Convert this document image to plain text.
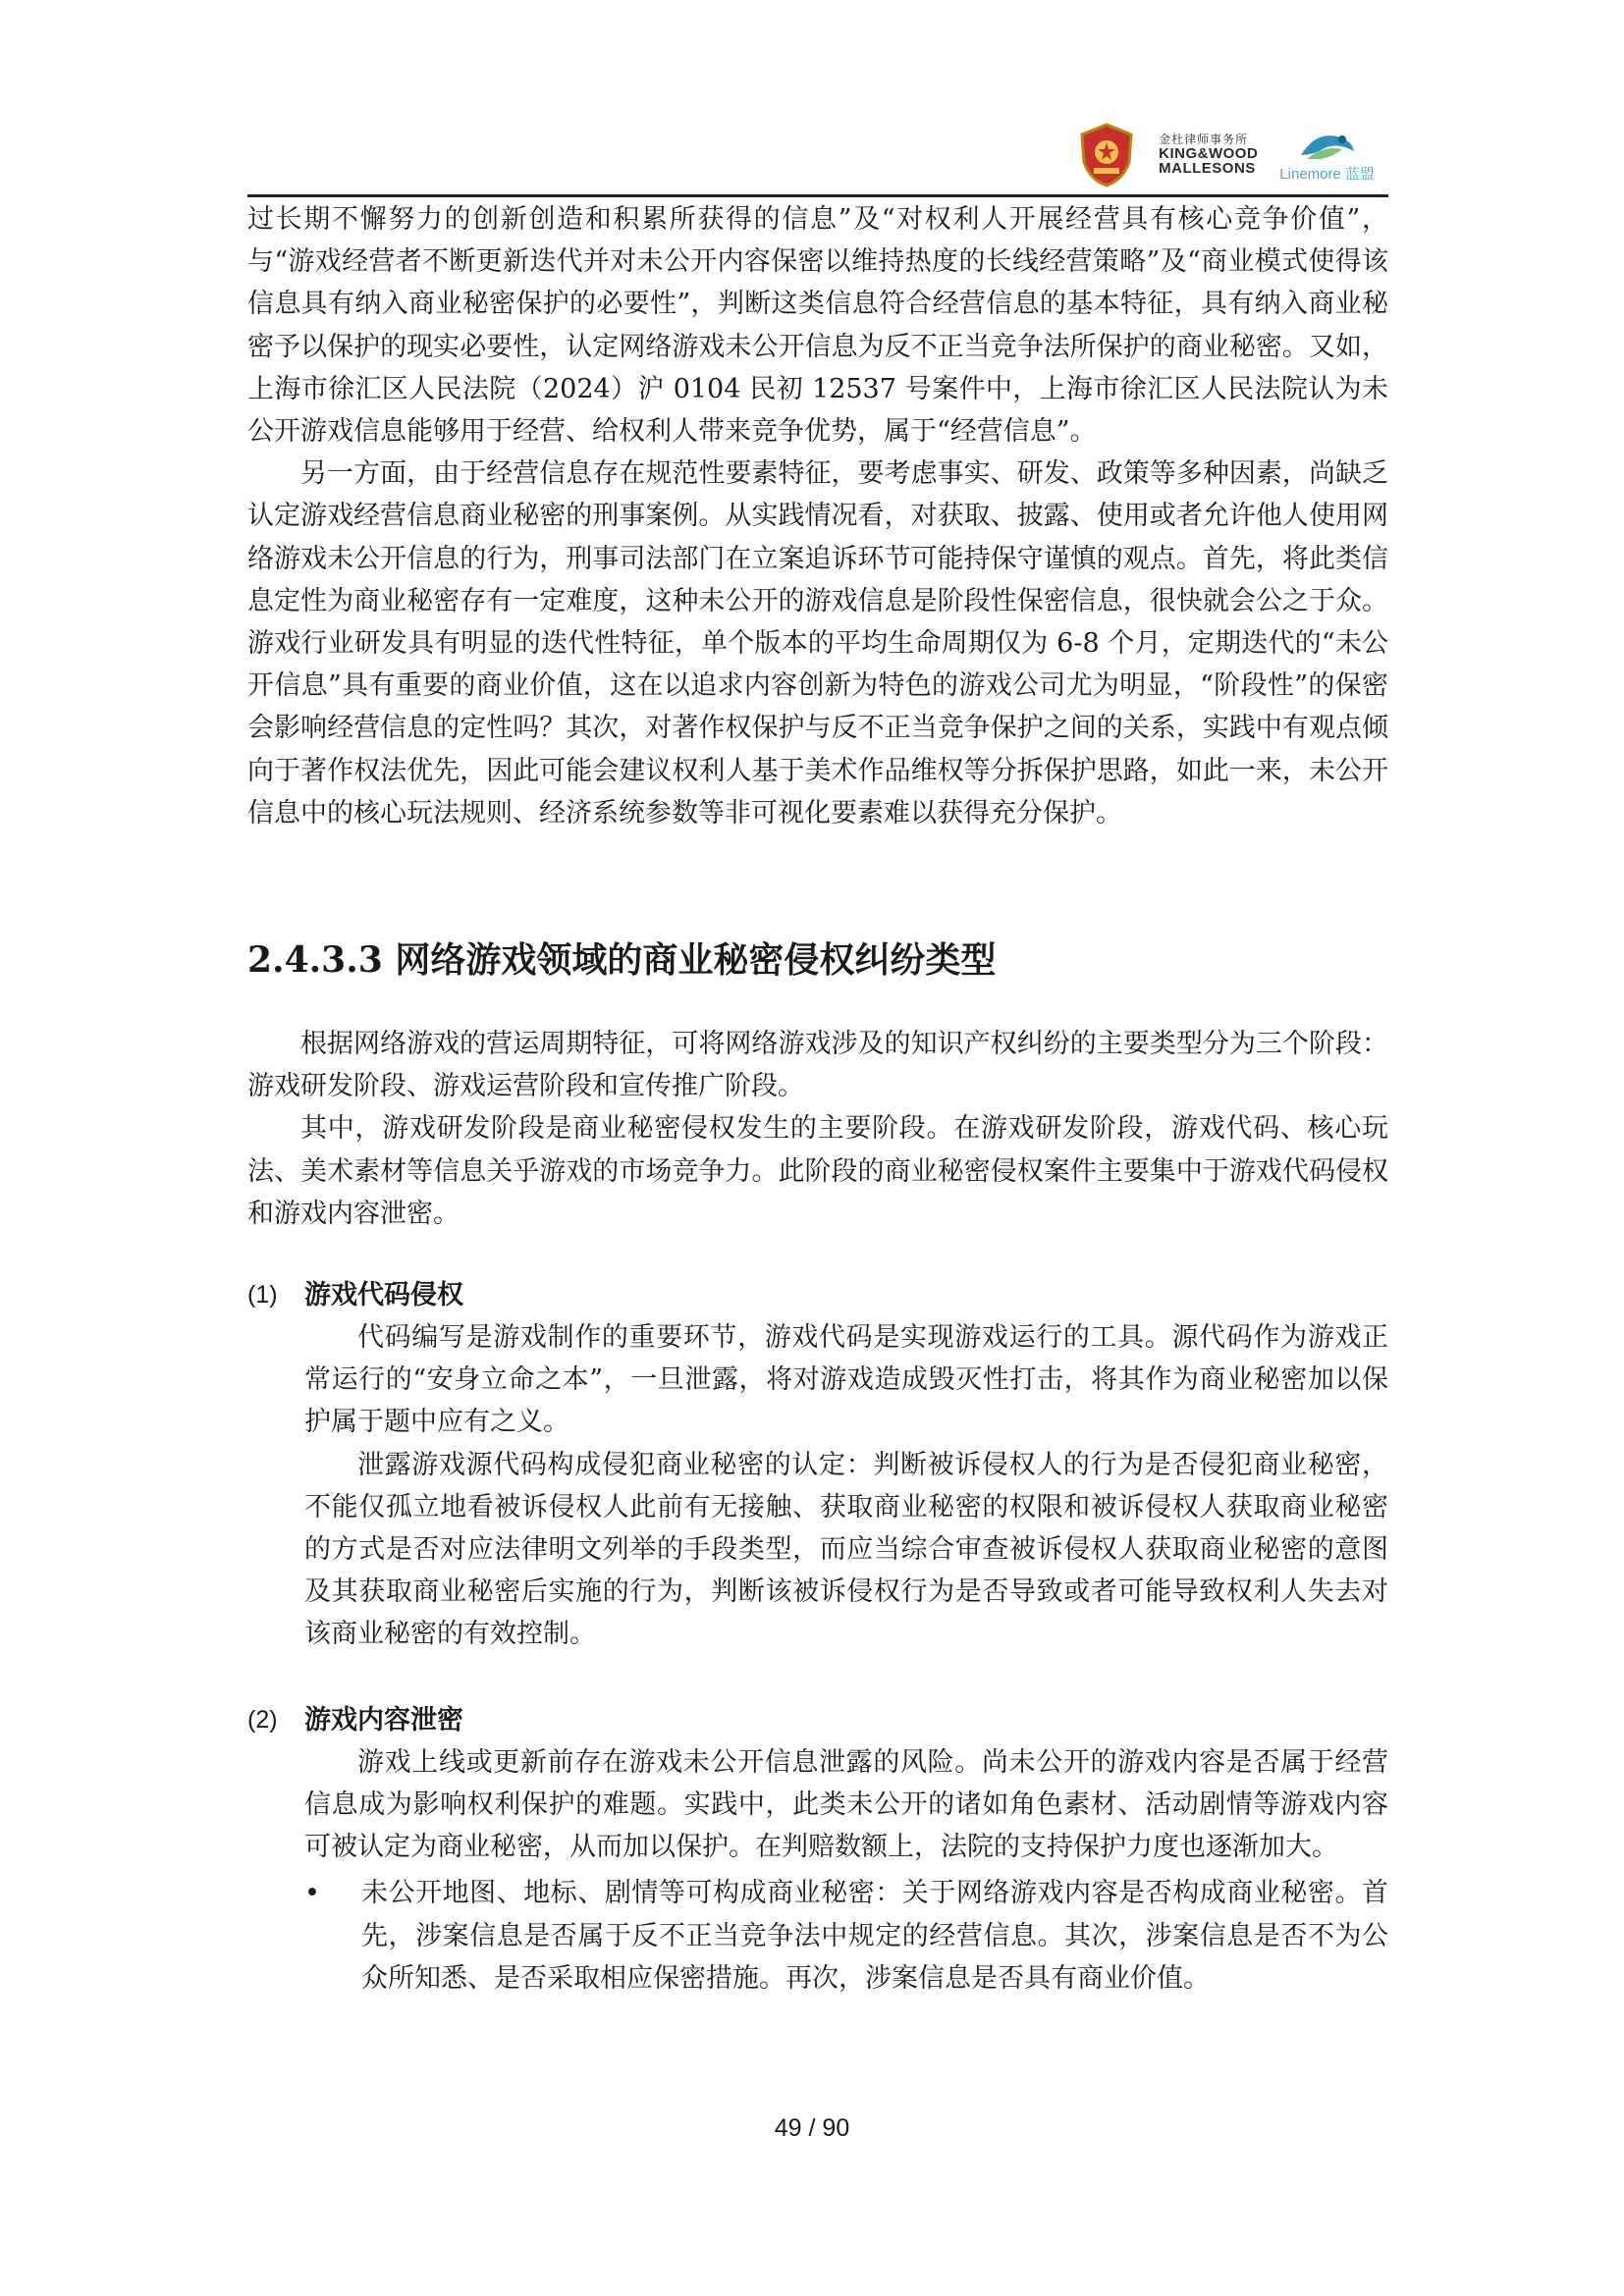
金杜律师事务所
KING&WOOD
MALLESONS Linemore 蓝盟

过长期不懈努力的创新创造和积累所获得的信息”及“对权利人开展经营具有核心竞争价值”，与“游戏经营者不断更新迭代并对未公开内容保密以维持热度的长线经营策略”及“商业模式使得该信息具有纳入商业秘密保护的必要性”，判断这类信息符合经营信息的基本特征，具有纳入商业秘密予以保护的现实必要性，认定网络游戏未公开信息为反不正当竞争法所保护的商业秘密。又如，上海市徐汇区人民法院（2024）沪 0104 民初 12537 号案件中，上海市徐汇区人民法院认为未公开游戏信息能够用于经营、给权利人带来竞争优势，属于“经营信息”。

另一方面，由于经营信息存在规范性要素特征，要考虑事实、研发、政策等多种因素，尚缺乏认定游戏经营信息商业秘密的刑事案例。从实践情况看，对获取、披露、使用或者允许他人使用网络游戏未公开信息的行为，刑事司法部门在立案追诉环节可能持保守谨慎的观点。首先，将此类信息定性为商业秘密存有一定难度，这种未公开的游戏信息是阶段性保密信息，很快就会公之于众。游戏行业研发具有明显的迭代性特征，单个版本的平均生命周期仅为 6-8 个月，定期迭代的“未公开信息”具有重要的商业价值，这在以追求内容创新为特色的游戏公司尤为明显，“阶段性”的保密会影响经营信息的定性吗？其次，对著作权保护与反不正当竞争保护之间的关系，实践中有观点倾向于著作权法优先，因此可能会建议权利人基于美术作品维权等分拆保护思路，如此一来，未公开信息中的核心玩法规则、经济系统参数等非可视化要素难以获得充分保护。

2.4.3.3 网络游戏领域的商业秘密侵权纠纷类型

根据网络游戏的营运周期特征，可将网络游戏涉及的知识产权纠纷的主要类型分为三个阶段：游戏研发阶段、游戏运营阶段和宣传推广阶段。

其中，游戏研发阶段是商业秘密侵权发生的主要阶段。在游戏研发阶段，游戏代码、核心玩法、美术素材等信息关乎游戏的市场竞争力。此阶段的商业秘密侵权案件主要集中于游戏代码侵权和游戏内容泄密。

(1)	游戏代码侵权

代码编写是游戏制作的重要环节，游戏代码是实现游戏运行的工具。源代码作为游戏正常运行的“安身立命之本”，一旦泄露，将对游戏造成毁灭性打击，将其作为商业秘密加以保护属于题中应有之义。

泄露游戏源代码构成侵犯商业秘密的认定：判断被诉侵权人的行为是否侵犯商业秘密，不能仅孤立地看被诉侵权人此前有无接触、获取商业秘密的权限和被诉侵权人获取商业秘密的方式是否对应法律明文列举的手段类型，而应当综合审查被诉侵权人获取商业秘密的意图及其获取商业秘密后实施的行为，判断该被诉侵权行为是否导致或者可能导致权利人失去对该商业秘密的有效控制。

(2)	游戏内容泄密

游戏上线或更新前存在游戏未公开信息泄露的风险。尚未公开的游戏内容是否属于经营信息成为影响权利保护的难题。实践中，此类未公开的诸如角色素材、活动剧情等游戏内容可被认定为商业秘密，从而加以保护。在判赔数额上，法院的支持保护力度也逐渐加大。

•	未公开地图、地标、剧情等可构成商业秘密：关于网络游戏内容是否构成商业秘密。首先，涉案信息是否属于反不正当竞争法中规定的经营信息。其次，涉案信息是否不为公众所知悉、是否采取相应保密措施。再次，涉案信息是否具有商业价值。

49 / 90
